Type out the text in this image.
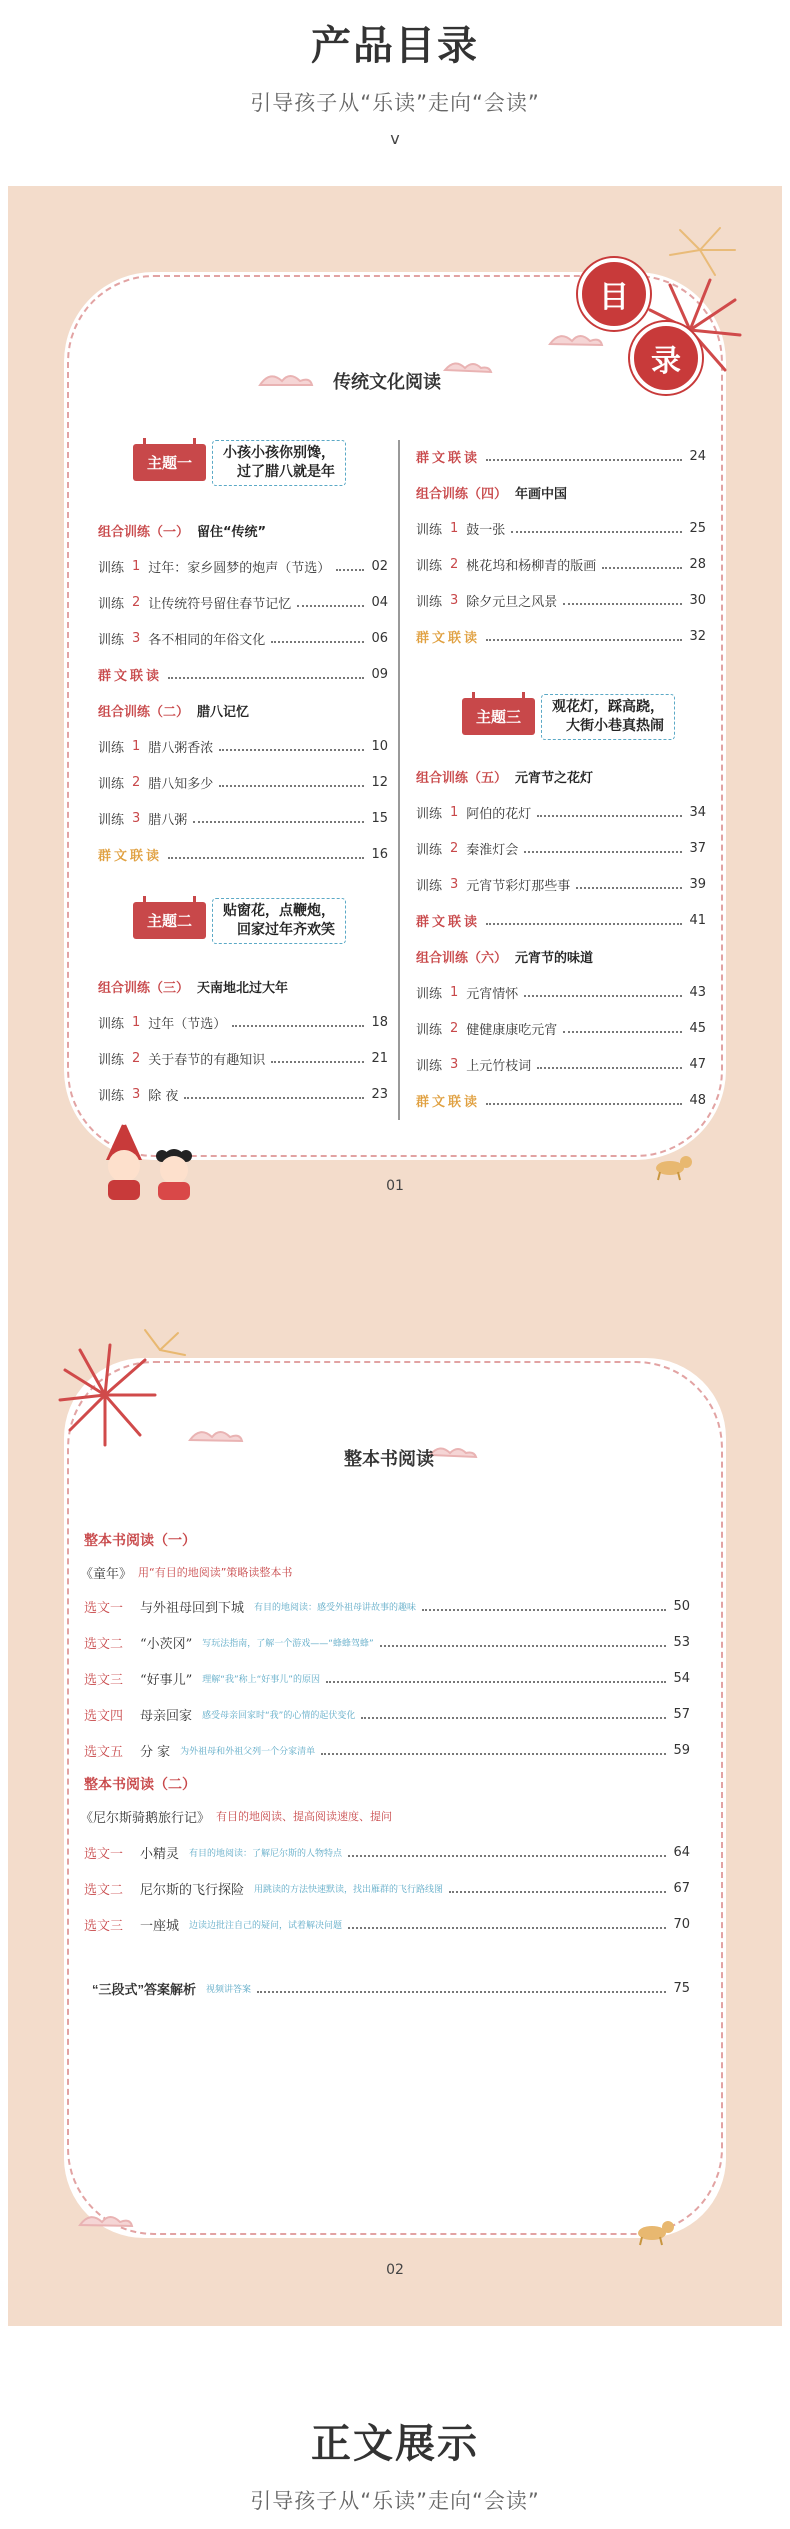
产品目录
引导孩子从“乐读”走向“会读”
v
目
录
传统文化阅读
主题一
小孩小孩你别馋，
过了腊八就是年
组合训练（一） 留住“传统”
训练 1 过年：家乡圆梦的炮声（节选）	02
训练 2 让传统符号留住春节记忆	04
训练 3 各不相同的年俗文化	06
群文联读	09
组合训练（二） 腊八记忆
训练 1 腊八粥香浓	10
训练 2 腊八知多少	12
训练 3 腊八粥	15
群文联读	16
主题二
贴窗花，点鞭炮，
回家过年齐欢笑
组合训练（三） 天南地北过大年
训练 1 过年（节选）	18
训练 2 关于春节的有趣知识	21
训练 3 除 夜	23
群文联读	24
组合训练（四） 年画中国
训练 1 鼓一张	25
训练 2 桃花坞和杨柳青的版画	28
训练 3 除夕元旦之风景	30
群文联读	32
主题三
观花灯，踩高跷，
大街小巷真热闹
组合训练（五） 元宵节之花灯
训练 1 阿伯的花灯	34
训练 2 秦淮灯会	37
训练 3 元宵节彩灯那些事	39
群文联读	41
组合训练（六） 元宵节的味道
训练 1 元宵情怀	43
训练 2 健健康康吃元宵	45
训练 3 上元竹枝词	47
群文联读	48
01
整本书阅读
整本书阅读（一）
《童年》 用“有目的地阅读”策略读整本书
选文一	与外祖母回到下城 有目的地阅读：感受外祖母讲故事的趣味	50
选文二	“小茨冈” 写玩法指南，了解一个游戏——“蜂蜂驾蜂”	53
选文三	“好事儿” 理解“我”称上“好事儿”的原因	54
选文四	母亲回家 感受母亲回家时“我”的心情的起伏变化	57
选文五	分 家 为外祖母和外祖父列一个分家清单	59
整本书阅读（二）
《尼尔斯骑鹅旅行记》 有目的地阅读、提高阅读速度、提问
选文一	小精灵 有目的地阅读：了解尼尔斯的人物特点	64
选文二	尼尔斯的飞行探险 用跳读的方法快速默读，找出雁群的飞行路线图	67
选文三	一座城 边读边批注自己的疑问，试着解决问题	70
“三段式”答案解析 视频讲答案	75
02
正文展示
引导孩子从“乐读”走向“会读”
